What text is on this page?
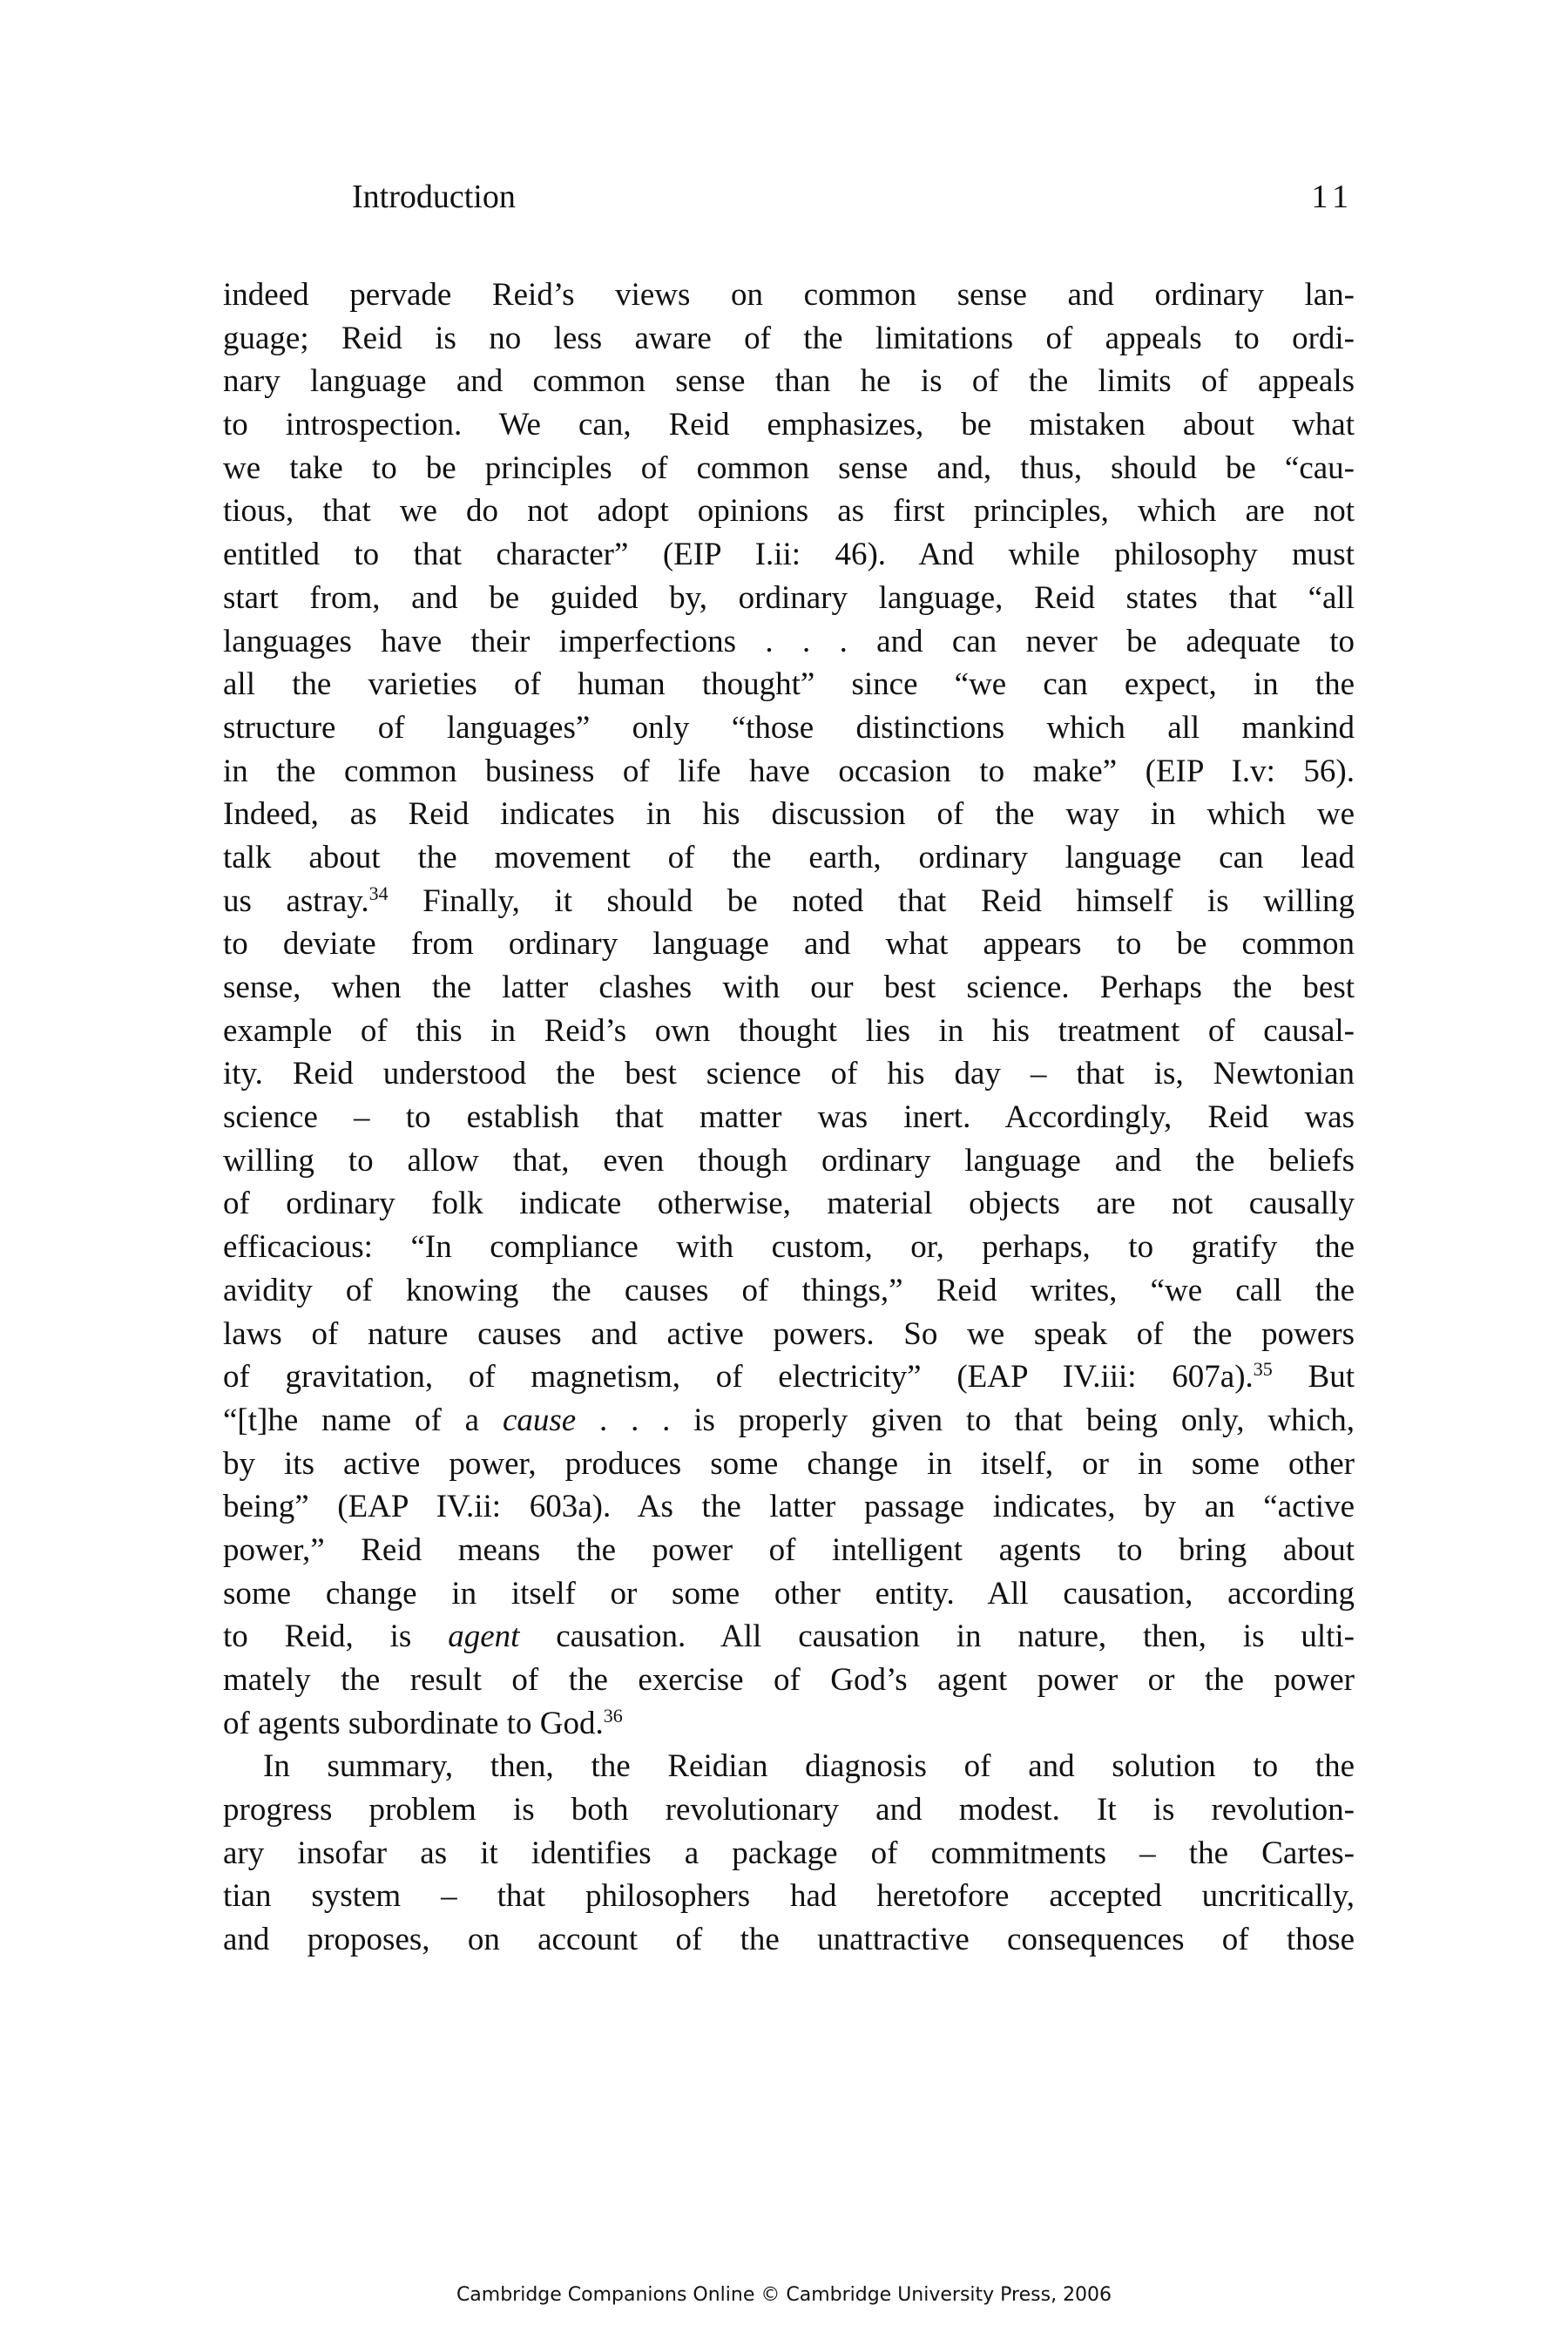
Introduction	11
indeed pervade Reid’s views on common sense and ordinary lan-
guage; Reid is no less aware of the limitations of appeals to ordi-
nary language and common sense than he is of the limits of appeals
to introspection. We can, Reid emphasizes, be mistaken about what
we take to be principles of common sense and, thus, should be “cau-
tious, that we do not adopt opinions as first principles, which are not
entitled to that character” (EIP I.ii: 46). And while philosophy must
start from, and be guided by, ordinary language, Reid states that “all
languages have their imperfections . . . and can never be adequate to
all the varieties of human thought” since “we can expect, in the
structure of languages” only “those distinctions which all mankind
in the common business of life have occasion to make” (EIP I.v: 56).
Indeed, as Reid indicates in his discussion of the way in which we
talk about the movement of the earth, ordinary language can lead
us astray.$^{34}$ Finally, it should be noted that Reid himself is willing
to deviate from ordinary language and what appears to be common
sense, when the latter clashes with our best science. Perhaps the best
example of this in Reid’s own thought lies in his treatment of causal-
ity. Reid understood the best science of his day – that is, Newtonian
science – to establish that matter was inert. Accordingly, Reid was
willing to allow that, even though ordinary language and the beliefs
of ordinary folk indicate otherwise, material objects are not causally
efficacious: “In compliance with custom, or, perhaps, to gratify the
avidity of knowing the causes of things,” Reid writes, “we call the
laws of nature causes and active powers. So we speak of the powers
of gravitation, of magnetism, of electricity” (EAP IV.iii: 607a).$^{35}$ But
“[t]he name of a cause . . . is properly given to that being only, which,
by its active power, produces some change in itself, or in some other
being” (EAP IV.ii: 603a). As the latter passage indicates, by an “active
power,” Reid means the power of intelligent agents to bring about
some change in itself or some other entity. All causation, according
to Reid, is agent causation. All causation in nature, then, is ulti-
mately the result of the exercise of God’s agent power or the power
of agents subordinate to God.$^{36}$
In summary, then, the Reidian diagnosis of and solution to the
progress problem is both revolutionary and modest. It is revolution-
ary insofar as it identifies a package of commitments – the Cartes-
tian system – that philosophers had heretofore accepted uncritically,
and proposes, on account of the unattractive consequences of those
Cambridge Companions Online © Cambridge University Press, 2006
